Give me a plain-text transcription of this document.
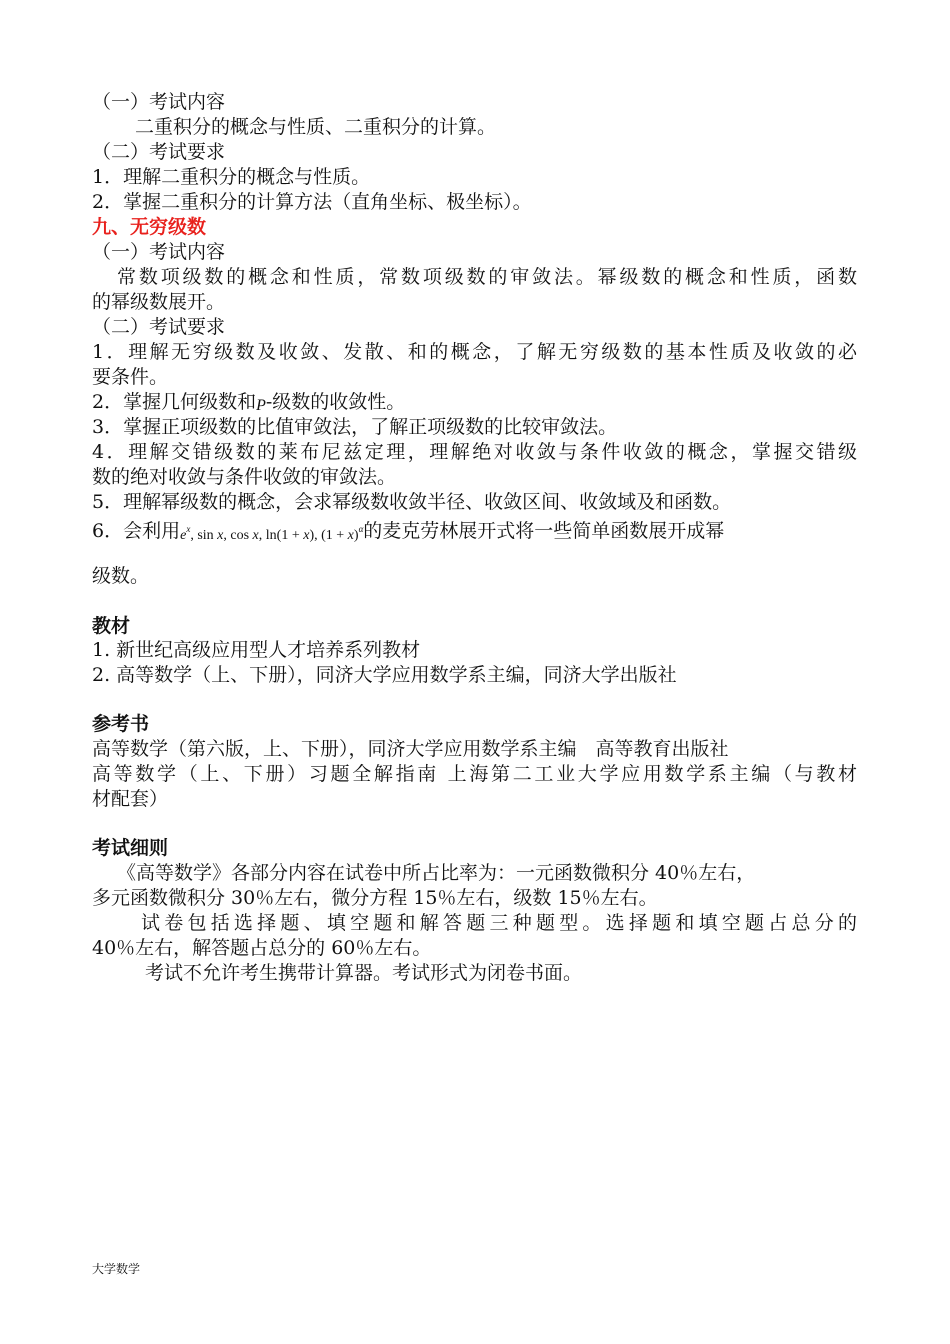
（一）考试内容
二重积分的概念与性质、二重积分的计算。
（二）考试要求
1．理解二重积分的概念与性质。
2．掌握二重积分的计算方法（直角坐标、极坐标）。
九、无穷级数
（一）考试内容
常数项级数的概念和性质，常数项级数的审敛法。幂级数的概念和性质，函数
的幂级数展开。
（二）考试要求
1．理解无穷级数及收敛、发散、和的概念，了解无穷级数的基本性质及收敛的必
要条件。
2．掌握几何级数和P-级数的收敛性。
3．掌握正项级数的比值审敛法，了解正项级数的比较审敛法。
4．理解交错级数的莱布尼兹定理，理解绝对收敛与条件收敛的概念，掌握交错级
数的绝对收敛与条件收敛的审敛法。
5．理解幂级数的概念，会求幂级数收敛半径、收敛区间、收敛域及和函数。
6．会利用$e^x$, sin x, cos x, ln(1 + x), $(1 + x)^\alpha$的麦克劳林展开式将一些简单函数展开成幂
级数。
教材
1. 新世纪高级应用型人才培养系列教材
2. 高等数学（上、下册），同济大学应用数学系主编，同济大学出版社
参考书
高等数学（第六版，上、下册），同济大学应用数学系主编　高等教育出版社
高等数学（上、下册）习题全解指南 上海第二工业大学应用数学系主编（与教材
材配套）
考试细则
《高等数学》各部分内容在试卷中所占比率为：一元函数微积分 40％左右，
多元函数微积分 30％左右，微分方程 15％左右，级数 15％左右。
试卷包括选择题、填空题和解答题三种题型。选择题和填空题占总分的
40％左右，解答题占总分的 60％左右。
考试不允许考生携带计算器。考试形式为闭卷书面。
大学数学
